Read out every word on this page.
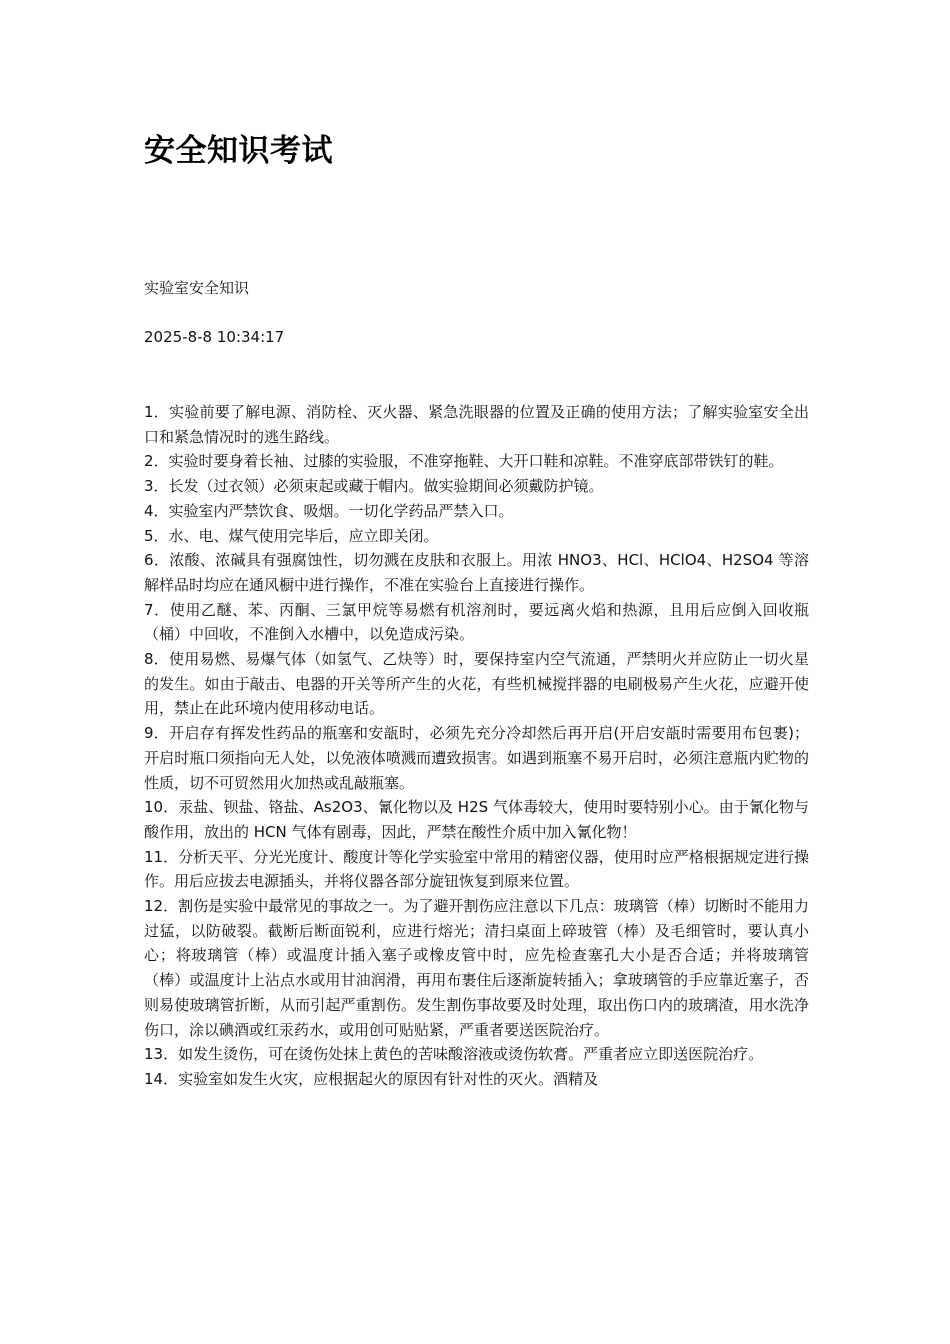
安全知识考试
实验室安全知识
2025-8-8 10:34:17

1．实验前要了解电源、消防栓、灭火器、紧急洗眼器的位置及正确的使用方法；了解实验室安全出口和紧急情况时的逃生路线。

2．实验时要身着长袖、过膝的实验服，不准穿拖鞋、大开口鞋和凉鞋。不准穿底部带铁钉的鞋。

3．长发（过衣领）必须束起或藏于帽内。做实验期间必须戴防护镜。

4．实验室内严禁饮食、吸烟。一切化学药品严禁入口。

5．水、电、煤气使用完毕后，应立即关闭。

6．浓酸、浓碱具有强腐蚀性，切勿溅在皮肤和衣服上。用浓 HNO3、HCl、HClO4、H2SO4 等溶解样品时均应在通风橱中进行操作，不准在实验台上直接进行操作。

7．使用乙醚、苯、丙酮、三氯甲烷等易燃有机溶剂时，要远离火焰和热源，且用后应倒入回收瓶（桶）中回收，不准倒入水槽中，以免造成污染。

8．使用易燃、易爆气体（如氢气、乙炔等）时，要保持室内空气流通，严禁明火并应防止一切火星的发生。如由于敲击、电器的开关等所产生的火花，有些机械搅拌器的电刷极易产生火花，应避开使用，禁止在此环境内使用移动电话。

9．开启存有挥发性药品的瓶塞和安瓿时，必须先充分冷却然后再开启(开启安瓿时需要用布包裹)；开启时瓶口须指向无人处，以免液体喷溅而遭致损害。如遇到瓶塞不易开启时，必须注意瓶内贮物的性质，切不可贸然用火加热或乱敲瓶塞。

10．汞盐、钡盐、铬盐、As2O3、氰化物以及 H2S 气体毒较大，使用时要特别小心。由于氰化物与酸作用，放出的 HCN 气体有剧毒，因此，严禁在酸性介质中加入氰化物！

11．分析天平、分光光度计、酸度计等化学实验室中常用的精密仪器，使用时应严格根据规定进行操作。用后应拔去电源插头，并将仪器各部分旋钮恢复到原来位置。

12．割伤是实验中最常见的事故之一。为了避开割伤应注意以下几点：玻璃管（棒）切断时不能用力过猛，以防破裂。截断后断面锐利，应进行熔光；清扫桌面上碎玻管（棒）及毛细管时，要认真小心；将玻璃管（棒）或温度计插入塞子或橡皮管中时，应先检查塞孔大小是否合适；并将玻璃管（棒）或温度计上沾点水或用甘油润滑，再用布裹住后逐渐旋转插入；拿玻璃管的手应靠近塞子，否则易使玻璃管折断，从而引起严重割伤。发生割伤事故要及时处理，取出伤口内的玻璃渣，用水洗净伤口，涂以碘酒或红汞药水，或用创可贴贴紧，严重者要送医院治疗。

13．如发生烫伤，可在烫伤处抹上黄色的苦味酸溶液或烫伤软膏。严重者应立即送医院治疗。

14．实验室如发生火灾，应根据起火的原因有针对性的灭火。酒精及
